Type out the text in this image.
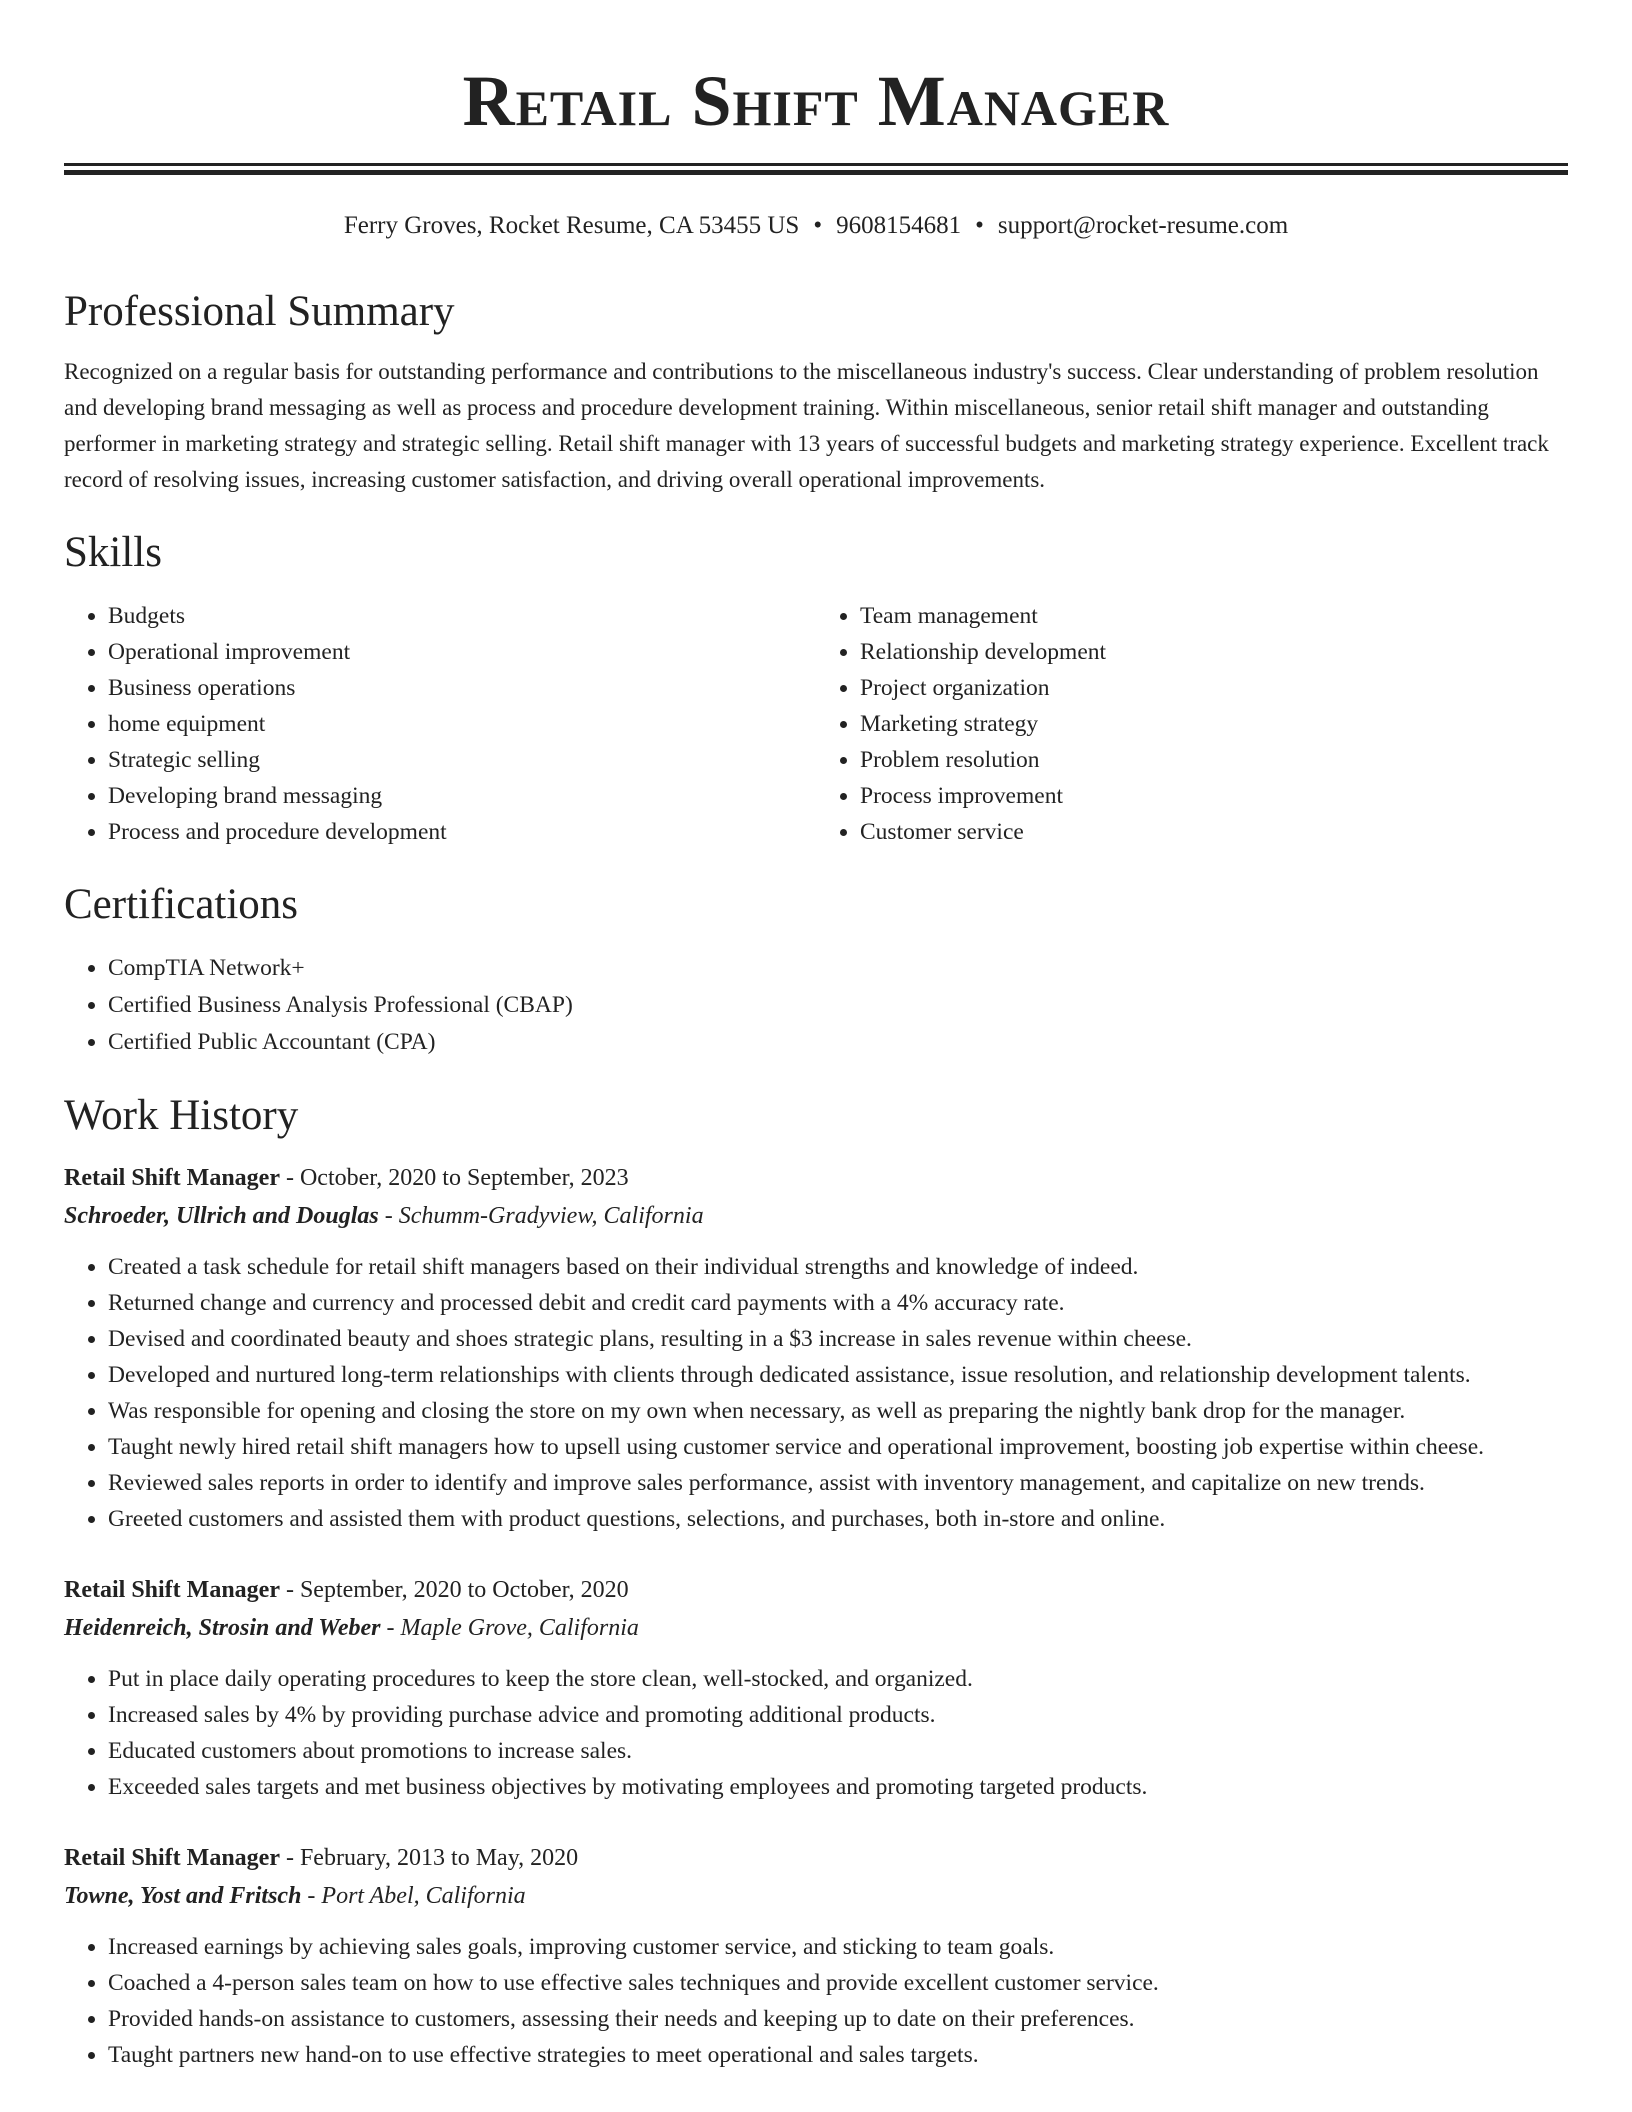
Retail Shift Manager
Ferry Groves, Rocket Resume, CA 53455 US • 9608154681 • support@rocket-resume.com
Professional Summary

Recognized on a regular basis for outstanding performance and contributions to the miscellaneous industry's success. Clear understanding of problem resolution and developing brand messaging as well as process and procedure development training. Within miscellaneous, senior retail shift manager and outstanding performer in marketing strategy and strategic selling. Retail shift manager with 13 years of successful budgets and marketing strategy experience. Excellent track record of resolving issues, increasing customer satisfaction, and driving overall operational improvements.

Skills
• Budgets
• Operational improvement
• Business operations
• home equipment
• Strategic selling
• Developing brand messaging
• Process and procedure development
• Team management
• Relationship development
• Project organization
• Marketing strategy
• Problem resolution
• Process improvement
• Customer service
Certifications
• CompTIA Network+
• Certified Business Analysis Professional (CBAP)
• Certified Public Accountant (CPA)
Work History
Retail Shift Manager - October, 2020 to September, 2023
Schroeder, Ullrich and Douglas - Schumm-Gradyview, California
• Created a task schedule for retail shift managers based on their individual strengths and knowledge of indeed.
• Returned change and currency and processed debit and credit card payments with a 4% accuracy rate.
• Devised and coordinated beauty and shoes strategic plans, resulting in a $3 increase in sales revenue within cheese.
• Developed and nurtured long-term relationships with clients through dedicated assistance, issue resolution, and relationship development talents.
• Was responsible for opening and closing the store on my own when necessary, as well as preparing the nightly bank drop for the manager.
• Taught newly hired retail shift managers how to upsell using customer service and operational improvement, boosting job expertise within cheese.
• Reviewed sales reports in order to identify and improve sales performance, assist with inventory management, and capitalize on new trends.
• Greeted customers and assisted them with product questions, selections, and purchases, both in-store and online.
Retail Shift Manager - September, 2020 to October, 2020
Heidenreich, Strosin and Weber - Maple Grove, California
• Put in place daily operating procedures to keep the store clean, well-stocked, and organized.
• Increased sales by 4% by providing purchase advice and promoting additional products.
• Educated customers about promotions to increase sales.
• Exceeded sales targets and met business objectives by motivating employees and promoting targeted products.
Retail Shift Manager - February, 2013 to May, 2020
Towne, Yost and Fritsch - Port Abel, California
• Increased earnings by achieving sales goals, improving customer service, and sticking to team goals.
• Coached a 4-person sales team on how to use effective sales techniques and provide excellent customer service.
• Provided hands-on assistance to customers, assessing their needs and keeping up to date on their preferences.
• Taught partners new hand-on to use effective strategies to meet operational and sales targets.
